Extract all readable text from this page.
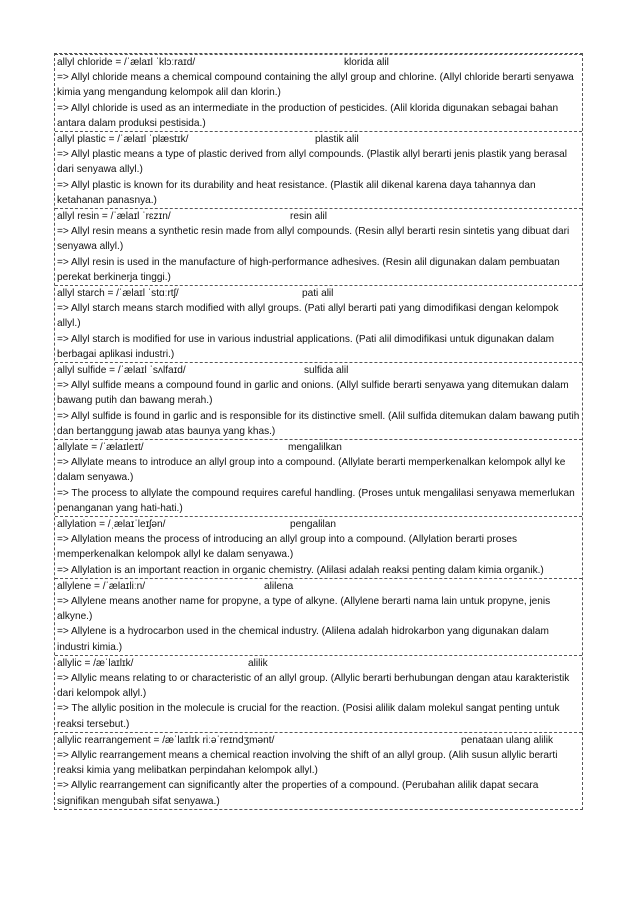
allyl chloride = /ˈælaɪl ˈklɔːraɪd/	klorida alil
=> Allyl chloride means a chemical compound containing the allyl group and chlorine. (Allyl chloride berarti senyawa kimia yang mengandung kelompok alil dan klorin.)
=> Allyl chloride is used as an intermediate in the production of pesticides. (Alil klorida digunakan sebagai bahan antara dalam produksi pestisida.)
allyl plastic = /ˈælaɪl ˈplæstɪk/	plastik alil
=> Allyl plastic means a type of plastic derived from allyl compounds. (Plastik allyl berarti jenis plastik yang berasal dari senyawa allyl.)
=> Allyl plastic is known for its durability and heat resistance. (Plastik alil dikenal karena daya tahannya dan ketahanan panasnya.)
allyl resin = /ˈælaɪl ˈrɛzɪn/	resin alil
=> Allyl resin means a synthetic resin made from allyl compounds. (Resin allyl berarti resin sintetis yang dibuat dari senyawa allyl.)
=> Allyl resin is used in the manufacture of high-performance adhesives. (Resin alil digunakan dalam pembuatan perekat berkinerja tinggi.)
allyl starch = /ˈælaɪl ˈstɑːrtʃ/	pati alil
=> Allyl starch means starch modified with allyl groups. (Pati allyl berarti pati yang dimodifikasi dengan kelompok allyl.)
=> Allyl starch is modified for use in various industrial applications. (Pati alil dimodifikasi untuk digunakan dalam berbagai aplikasi industri.)
allyl sulfide = /ˈælaɪl ˈsʌlfaɪd/	sulfida alil
=> Allyl sulfide means a compound found in garlic and onions. (Allyl sulfide berarti senyawa yang ditemukan dalam bawang putih dan bawang merah.)
=> Allyl sulfide is found in garlic and is responsible for its distinctive smell. (Alil sulfida ditemukan dalam bawang putih dan bertanggung jawab atas baunya yang khas.)
allylate = /ˈælaɪleɪt/	mengalilkan
=> Allylate means to introduce an allyl group into a compound. (Allylate berarti memperkenalkan kelompok allyl ke dalam senyawa.)
=> The process to allylate the compound requires careful handling. (Proses untuk mengalilasi senyawa memerlukan penanganan yang hati-hati.)
allylation = /ˌælaɪˈleɪʃən/	pengalilan
=> Allylation means the process of introducing an allyl group into a compound. (Allylation berarti proses memperkenalkan kelompok allyl ke dalam senyawa.)
=> Allylation is an important reaction in organic chemistry. (Alilasi adalah reaksi penting dalam kimia organik.)
allylene = /ˈælaɪliːn/	alilena
=> Allylene means another name for propyne, a type of alkyne. (Allylene berarti nama lain untuk propyne, jenis alkyne.)
=> Allylene is a hydrocarbon used in the chemical industry. (Alilena adalah hidrokarbon yang digunakan dalam industri kimia.)
allylic = /æˈlaɪlɪk/	alilik
=> Allylic means relating to or characteristic of an allyl group. (Allylic berarti berhubungan dengan atau karakteristik dari kelompok allyl.)
=> The allylic position in the molecule is crucial for the reaction. (Posisi alilik dalam molekul sangat penting untuk reaksi tersebut.)
allylic rearrangement = /æˈlaɪlɪk riːəˈreɪndʒmənt/	penataan ulang alilik
=> Allylic rearrangement means a chemical reaction involving the shift of an allyl group. (Alih susun allylic berarti reaksi kimia yang melibatkan perpindahan kelompok allyl.)
=> Allylic rearrangement can significantly alter the properties of a compound. (Perubahan alilik dapat secara signifikan mengubah sifat senyawa.)
